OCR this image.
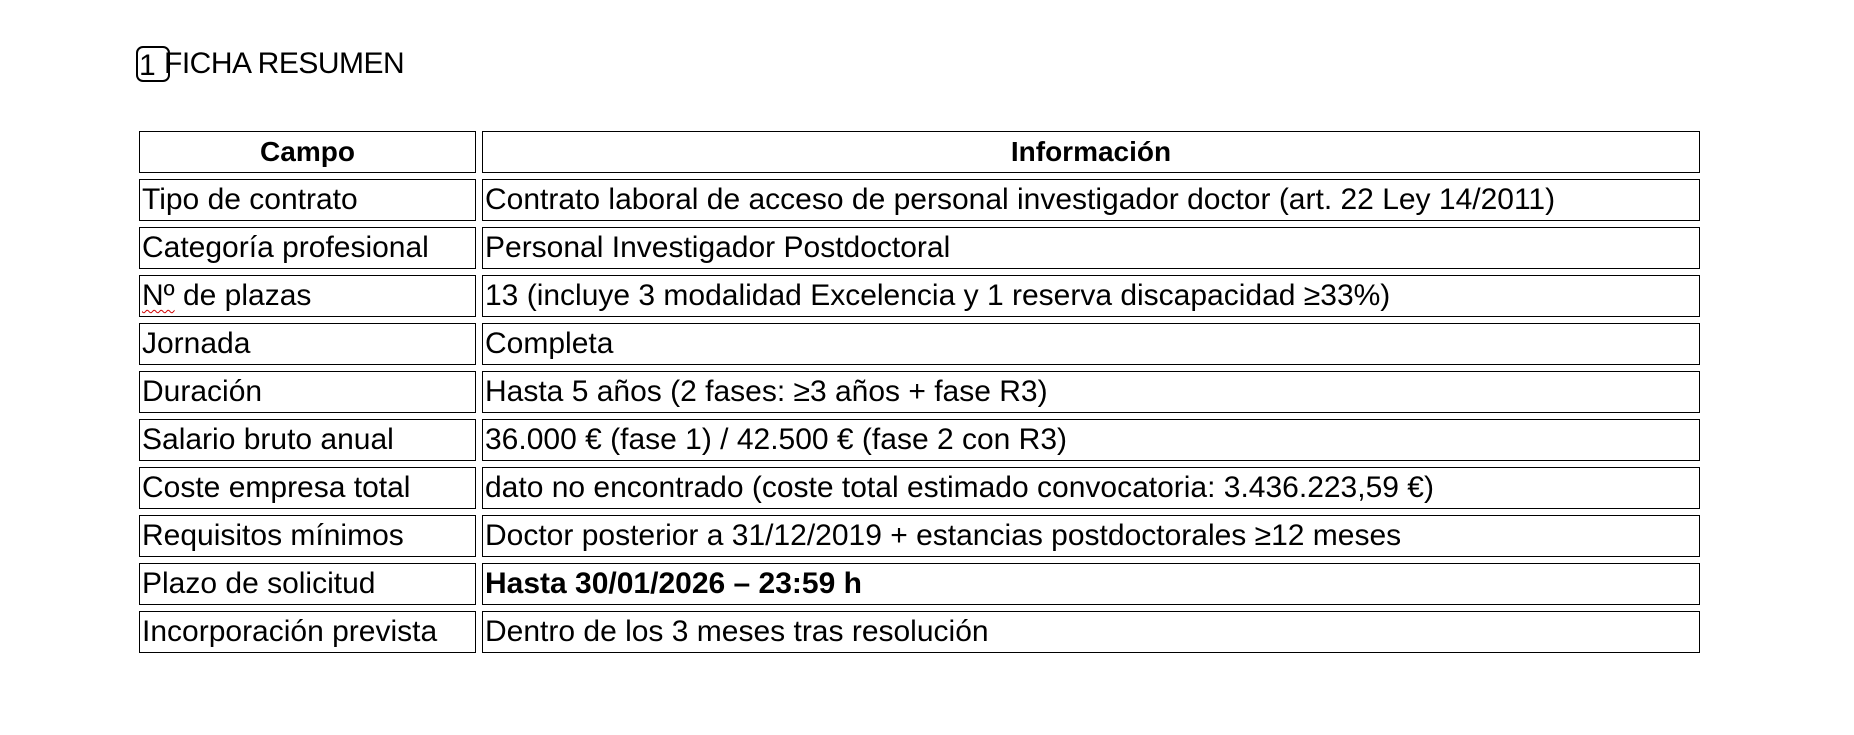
1 FICHA RESUMEN
Campo	Información
Tipo de contrato	Contrato laboral de acceso de personal investigador doctor (art. 22 Ley 14/2011)
Categoría profesional	Personal Investigador Postdoctoral
Nº de plazas	13 (incluye 3 modalidad Excelencia y 1 reserva discapacidad ≥33%)
Jornada	Completa
Duración	Hasta 5 años (2 fases: ≥3 años + fase R3)
Salario bruto anual	36.000 € (fase 1) / 42.500 € (fase 2 con R3)
Coste empresa total	dato no encontrado (coste total estimado convocatoria: 3.436.223,59 €)
Requisitos mínimos	Doctor posterior a 31/12/2019 + estancias postdoctorales ≥12 meses
Plazo de solicitud	Hasta 30/01/2026 – 23:59 h
Incorporación prevista	Dentro de los 3 meses tras resolución
